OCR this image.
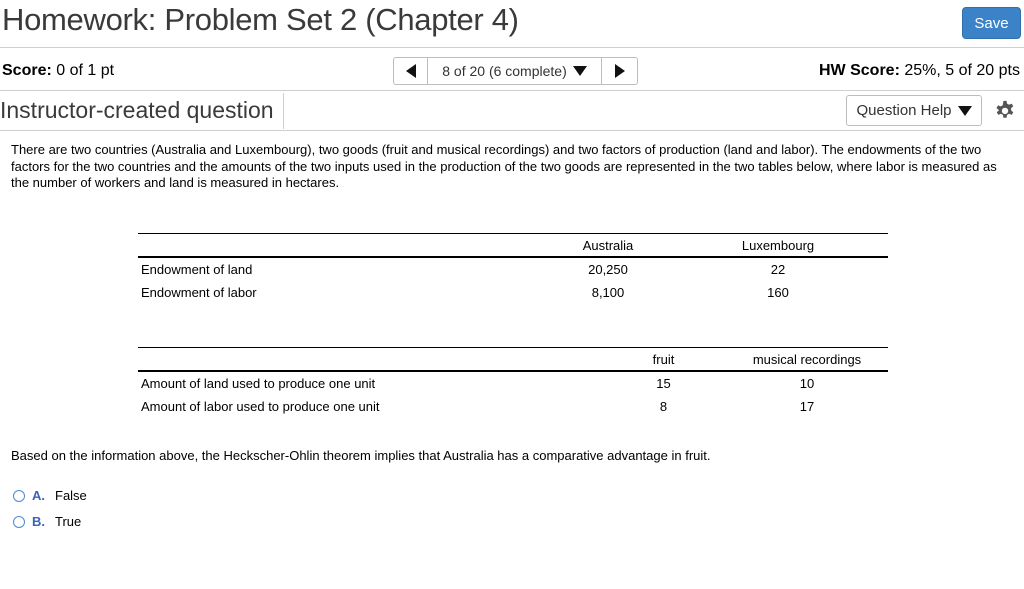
Homework: Problem Set 2 (Chapter 4)	Save
Score: 0 of 1 pt	8 of 20 (6 complete)	HW Score: 25%, 5 of 20 pts
Instructor-created question	Question Help
There are two countries (Australia and Luxembourg), two goods (fruit and musical recordings) and two factors of production (land and labor). The endowments of the two factors for the two countries and the amounts of the two inputs used in the production of the two goods are represented in the two tables below, where labor is measured as the number of workers and land is measured in hectares.
	Australia	Luxembourg
Endowment of land	20,250	22
Endowment of labor	8,100	160
	fruit	musical recordings
Amount of land used to produce one unit	15	10
Amount of labor used to produce one unit	8	17
Based on the information above, the Heckscher-Ohlin theorem implies that Australia has a comparative advantage in fruit.
A. False
B. True
